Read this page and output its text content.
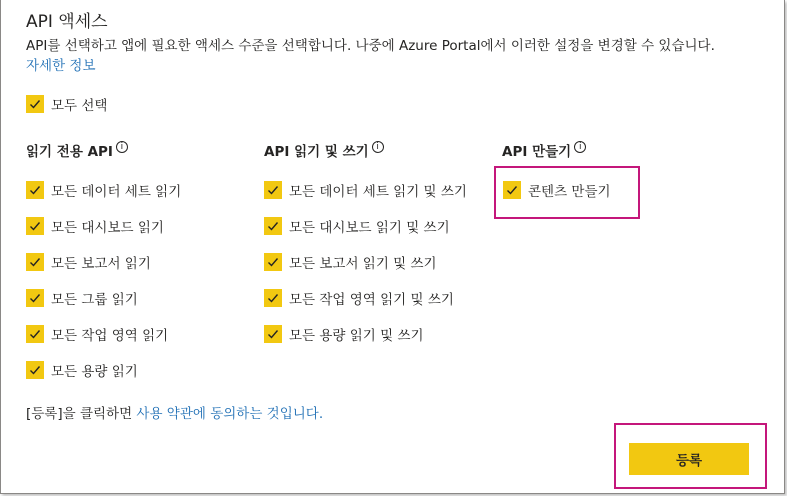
API 액세스
API를 선택하고 앱에 필요한 액세스 수준을 선택합니다. 나중에 Azure Portal에서 이러한 설정을 변경할 수 있습니다.
자세한 정보
모두 선택
읽기 전용 API i	API 읽기 및 쓰기 i	API 만들기 i
모든 데이터 세트 읽기
모든 대시보드 읽기
모든 보고서 읽기
모든 그룹 읽기
모든 작업 영역 읽기
모든 용량 읽기
모든 데이터 세트 읽기 및 쓰기
모든 대시보드 읽기 및 쓰기
모든 보고서 읽기 및 쓰기
모든 작업 영역 읽기 및 쓰기
모든 용량 읽기 및 쓰기
콘텐츠 만들기
[등록]을 클릭하면 사용 약관에 동의하는 것입니다.
등록
